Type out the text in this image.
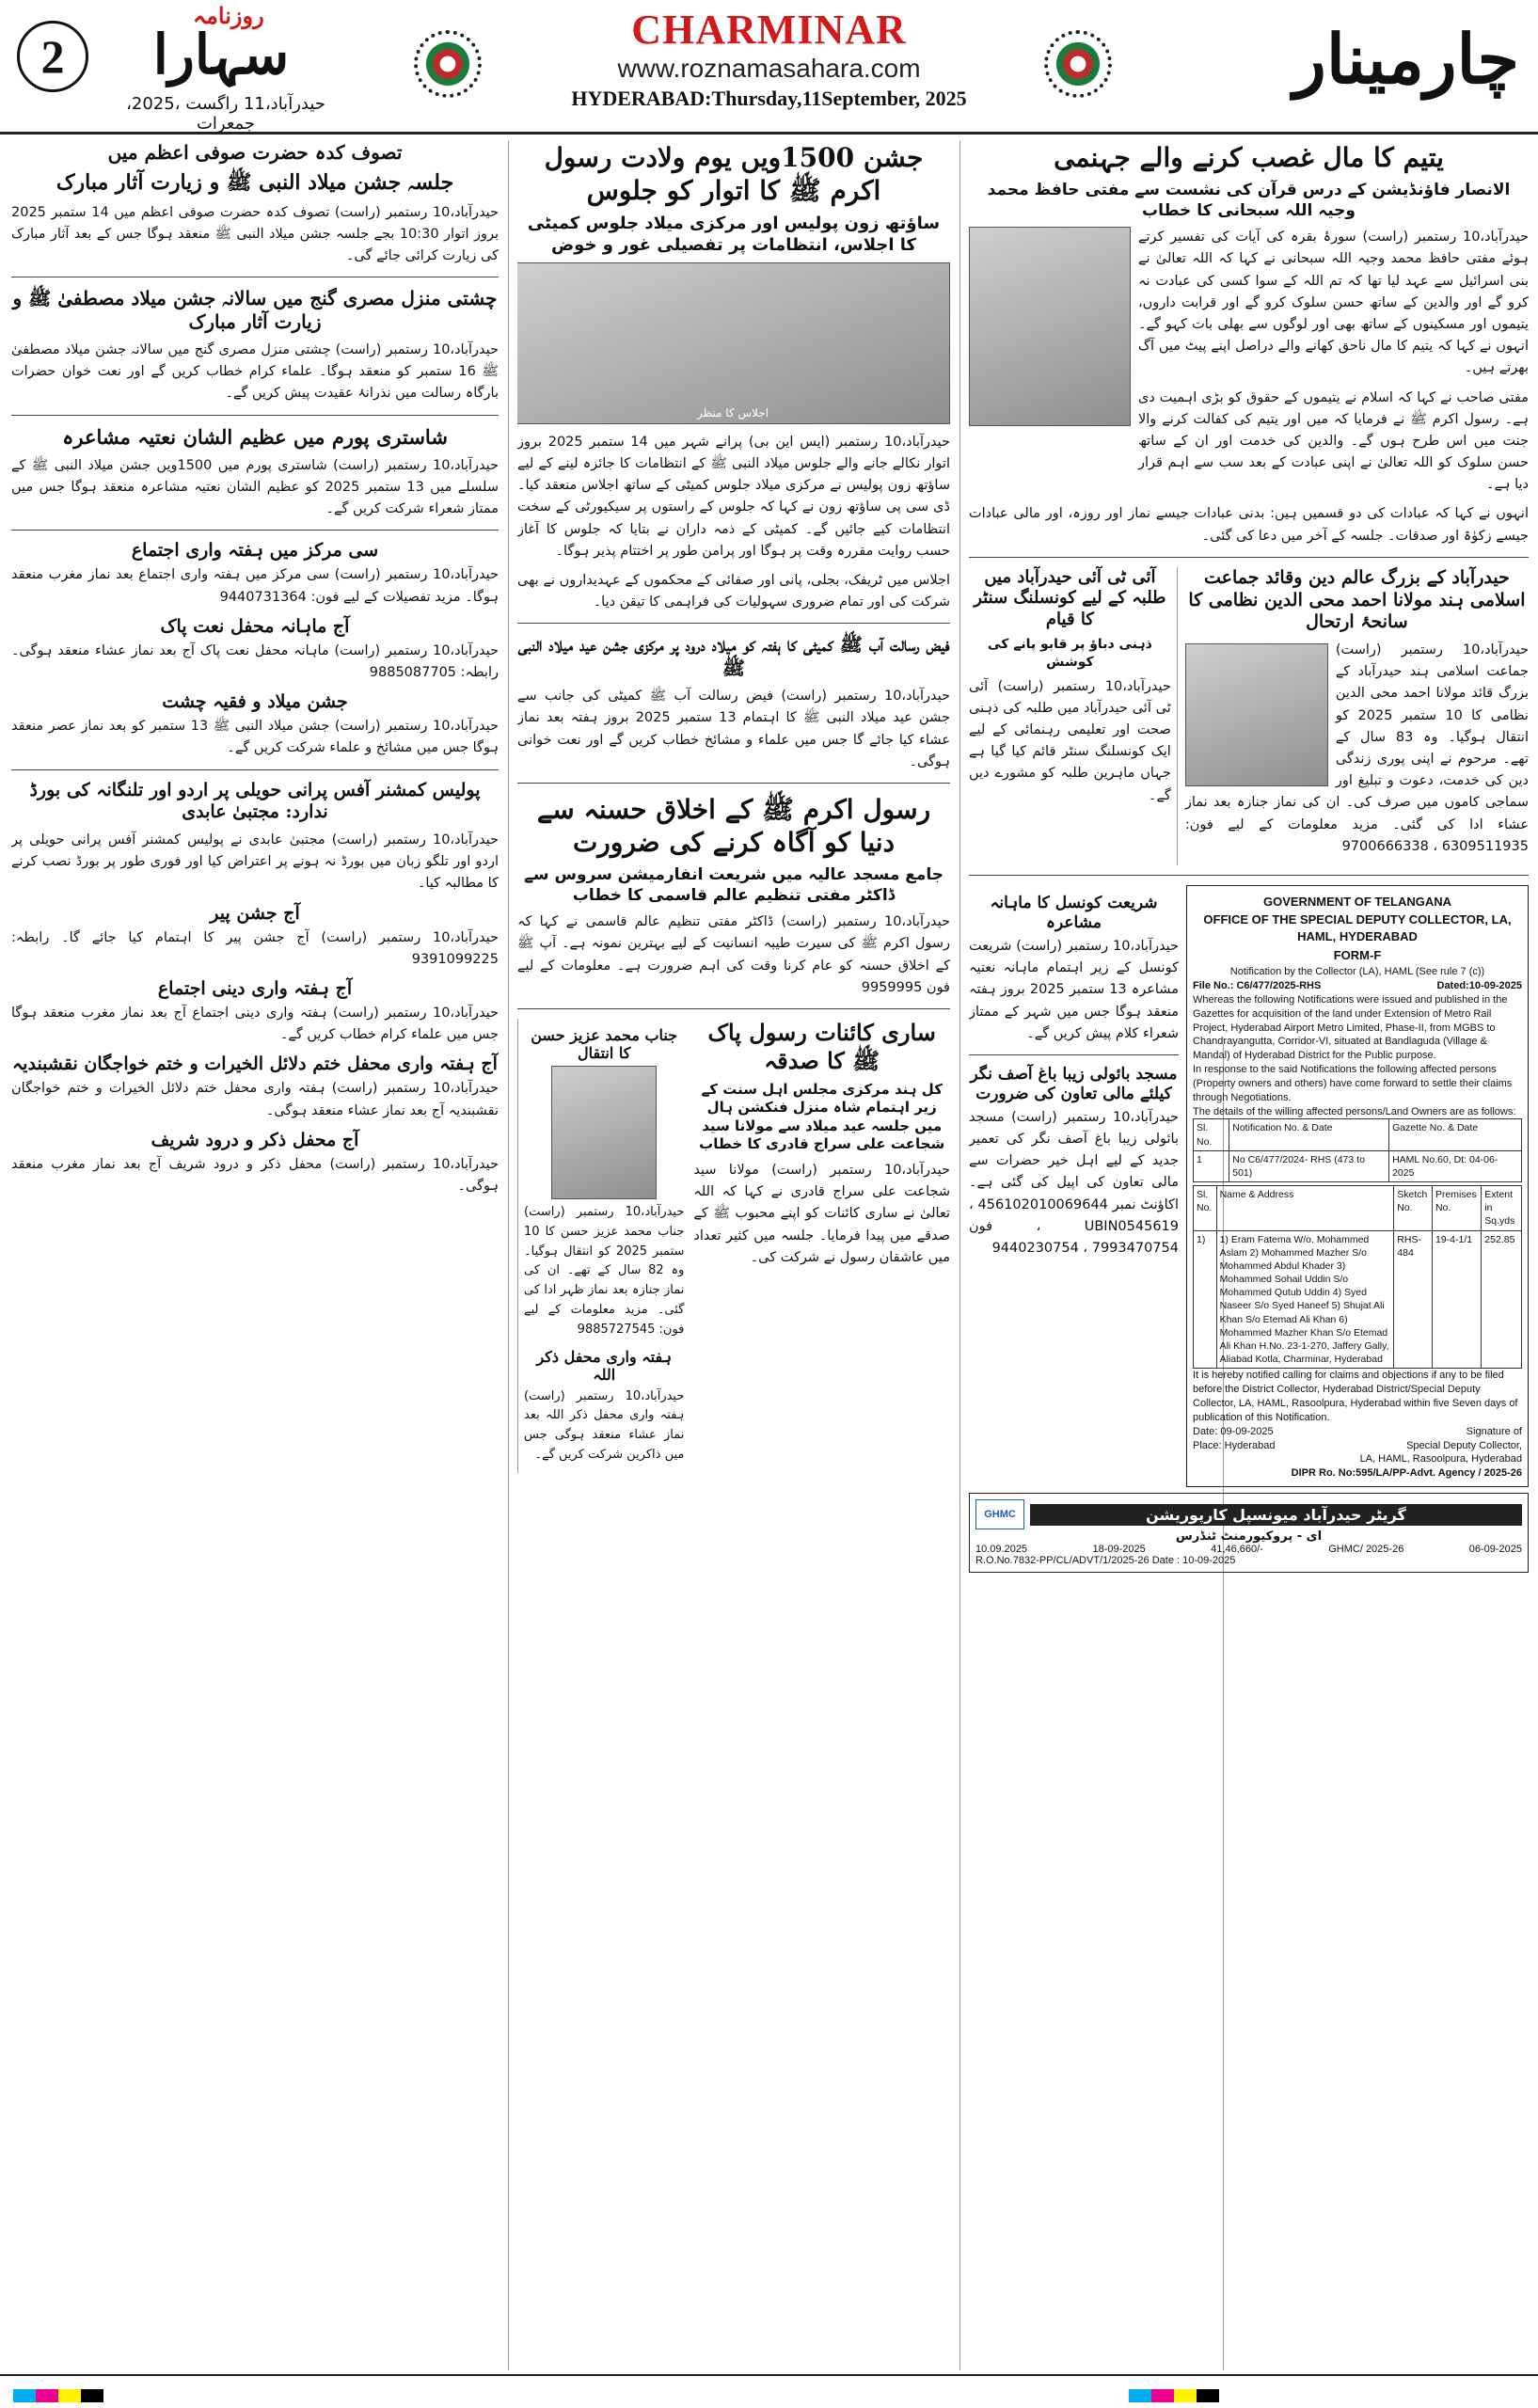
2
روزنامہ
سہارا
حیدرآباد،11 راگست ،2025، جمعرات
CHARMINAR
www.roznamasahara.com
HYDERABAD:Thursday,11September, 2025	چارمینار
تصوف کدہ حضرت صوفی اعظم میں
جلسہ جشن میلاد النبی ﷺ و زیارت آثار مبارک

حیدرآباد،10 رستمبر (راست) تصوف کدہ حضرت صوفی اعظم میں 14 ستمبر 2025 بروز اتوار 10:30 بجے جلسہ جشن میلاد النبی ﷺ منعقد ہوگا جس کے بعد آثار مبارک کی زیارت کرائی جائے گی۔

چشتی منزل مصری گنج میں سالانہ جشن میلاد مصطفیٰ ﷺ و زیارت آثار مبارک

حیدرآباد،10 رستمبر (راست) چشتی منزل مصری گنج میں سالانہ جشن میلاد مصطفیٰ ﷺ 16 ستمبر کو منعقد ہوگا۔ علماء کرام خطاب کریں گے اور نعت خوان حضرات بارگاہ رسالت میں نذرانۂ عقیدت پیش کریں گے۔

شاستری پورم میں عظیم الشان نعتیہ مشاعرہ

حیدرآباد،10 رستمبر (راست) شاستری پورم میں 1500ویں جشن میلاد النبی ﷺ کے سلسلے میں 13 ستمبر 2025 کو عظیم الشان نعتیہ مشاعرہ منعقد ہوگا جس میں ممتاز شعراء شرکت کریں گے۔

سی مرکز میں ہفتہ واری اجتماع

حیدرآباد،10 رستمبر (راست) سی مرکز میں ہفتہ واری اجتماع بعد نماز مغرب منعقد ہوگا۔ مزید تفصیلات کے لیے فون: 9440731364

آج ماہانہ محفل نعت پاک

حیدرآباد،10 رستمبر (راست) ماہانہ محفل نعت پاک آج بعد نماز عشاء منعقد ہوگی۔ رابطہ: 9885087705

جشن میلاد و فقیہ چشت

حیدرآباد،10 رستمبر (راست) جشن میلاد النبی ﷺ 13 ستمبر کو بعد نماز عصر منعقد ہوگا جس میں مشائخ و علماء شرکت کریں گے۔

پولیس کمشنر آفس پرانی حویلی پر اردو اور تلنگانہ کی بورڈ ندارد: مجتبیٰ عابدی

حیدرآباد،10 رستمبر (راست) مجتبیٰ عابدی نے پولیس کمشنر آفس پرانی حویلی پر اردو اور تلگو زبان میں بورڈ نہ ہونے پر اعتراض کیا اور فوری طور پر بورڈ نصب کرنے کا مطالبہ کیا۔

آج جشن پیر

حیدرآباد،10 رستمبر (راست) آج جشن پیر کا اہتمام کیا جائے گا۔ رابطہ: 9391099225

آج ہفتہ واری دینی اجتماع

حیدرآباد،10 رستمبر (راست) ہفتہ واری دینی اجتماع آج بعد نماز مغرب منعقد ہوگا جس میں علماء کرام خطاب کریں گے۔

آج ہفتہ واری محفل ختم دلائل الخیرات و ختم خواجگان نقشبندیہ

حیدرآباد،10 رستمبر (راست) ہفتہ واری محفل ختم دلائل الخیرات و ختم خواجگان نقشبندیہ آج بعد نماز عشاء منعقد ہوگی۔

آج محفل ذکر و درود شریف

حیدرآباد،10 رستمبر (راست) محفل ذکر و درود شریف آج بعد نماز مغرب منعقد ہوگی۔

جشن 1500ویں یوم ولادت رسول اکرم ﷺ کا اتوار کو جلوس
ساؤتھ زون پولیس اور مرکزی میلاد جلوس کمیٹی کا اجلاس، انتظامات پر تفصیلی غور و خوض
اجلاس کا منظر

حیدرآباد،10 رستمبر (ایس این بی) پرانے شہر میں 14 ستمبر 2025 بروز اتوار نکالے جانے والے جلوس میلاد النبی ﷺ کے انتظامات کا جائزہ لینے کے لیے ساؤتھ زون پولیس نے مرکزی میلاد جلوس کمیٹی کے ساتھ اجلاس منعقد کیا۔ ڈی سی پی ساؤتھ زون نے کہا کہ جلوس کے راستوں پر سیکیورٹی کے سخت انتظامات کیے جائیں گے۔ کمیٹی کے ذمہ داران نے بتایا کہ جلوس کا آغاز حسب روایت مقررہ وقت پر ہوگا اور پرامن طور پر اختتام پذیر ہوگا۔

اجلاس میں ٹریفک، بجلی، پانی اور صفائی کے محکموں کے عہدیداروں نے بھی شرکت کی اور تمام ضروری سہولیات کی فراہمی کا تیقن دیا۔

فیض رسالت آب ﷺ کمیٹی کا ہفتہ کو میلاد درود پر مرکزی جشن عید میلاد النبی ﷺ

حیدرآباد،10 رستمبر (راست) فیض رسالت آب ﷺ کمیٹی کی جانب سے جشن عید میلاد النبی ﷺ کا اہتمام 13 ستمبر 2025 بروز ہفتہ بعد نماز عشاء کیا جائے گا جس میں علماء و مشائخ خطاب کریں گے اور نعت خوانی ہوگی۔

رسول اکرم ﷺ کے اخلاق حسنہ سے دنیا کو آگاہ کرنے کی ضرورت
جامع مسجد عالیہ میں شریعت انفارمیشن سروس سے ڈاکٹر مفتی تنظیم عالم قاسمی کا خطاب

حیدرآباد،10 رستمبر (راست) ڈاکٹر مفتی تنظیم عالم قاسمی نے کہا کہ رسول اکرم ﷺ کی سیرت طیبہ انسانیت کے لیے بہترین نمونہ ہے۔ آپ ﷺ کے اخلاق حسنہ کو عام کرنا وقت کی اہم ضرورت ہے۔ معلومات کے لیے فون 9959995

ساری کائنات رسول پاک ﷺ کا صدقہ
کل ہند مرکزی مجلس اہل سنت کے زیر اہتمام شاہ منزل فنکشن ہال میں جلسہ عید میلاد سے مولانا سید شجاعت علی سراج قادری کا خطاب

حیدرآباد،10 رستمبر (راست) مولانا سید شجاعت علی سراج قادری نے کہا کہ اللہ تعالیٰ نے ساری کائنات کو اپنے محبوب ﷺ کے صدقے میں پیدا فرمایا۔ جلسہ میں کثیر تعداد میں عاشقان رسول نے شرکت کی۔

جناب محمد عزیز حسن کا انتقال

حیدرآباد،10 رستمبر (راست) جناب محمد عزیز حسن کا 10 ستمبر 2025 کو انتقال ہوگیا۔ وہ 82 سال کے تھے۔ ان کی نماز جنازہ بعد نماز ظہر ادا کی گئی۔ مزید معلومات کے لیے فون: 9885727545

ہفتہ واری محفل ذکر اللہ

حیدرآباد،10 رستمبر (راست) ہفتہ واری محفل ذکر اللہ بعد نماز عشاء منعقد ہوگی جس میں ذاکرین شرکت کریں گے۔

یتیم کا مال غصب کرنے والے جہنمی
الانصار فاؤنڈیشن کے درس قرآن کی نشست سے مفتی حافظ محمد وجیہ اللہ سبحانی کا خطاب

حیدرآباد،10 رستمبر (راست) سورۂ بقرہ کی آیات کی تفسیر کرتے ہوئے مفتی حافظ محمد وجیہ اللہ سبحانی نے کہا کہ اللہ تعالیٰ نے بنی اسرائیل سے عہد لیا تھا کہ تم اللہ کے سوا کسی کی عبادت نہ کرو گے اور والدین کے ساتھ حسن سلوک کرو گے اور قرابت داروں، یتیموں اور مسکینوں کے ساتھ بھی اور لوگوں سے بھلی بات کہو گے۔ انہوں نے کہا کہ یتیم کا مال ناحق کھانے والے دراصل اپنے پیٹ میں آگ بھرتے ہیں۔

مفتی صاحب نے کہا کہ اسلام نے یتیموں کے حقوق کو بڑی اہمیت دی ہے۔ رسول اکرم ﷺ نے فرمایا کہ میں اور یتیم کی کفالت کرنے والا جنت میں اس طرح ہوں گے۔ والدین کی خدمت اور ان کے ساتھ حسن سلوک کو اللہ تعالیٰ نے اپنی عبادت کے بعد سب سے اہم قرار دیا ہے۔

انہوں نے کہا کہ عبادات کی دو قسمیں ہیں: بدنی عبادات جیسے نماز اور روزہ، اور مالی عبادات جیسے زکوٰۃ اور صدقات۔ جلسہ کے آخر میں دعا کی گئی۔

حیدرآباد کے بزرگ عالم دین وقائد جماعت اسلامی ہند مولانا احمد محی الدین نظامی کا سانحۂ ارتحال

حیدرآباد،10 رستمبر (راست) جماعت اسلامی ہند حیدرآباد کے بزرگ قائد مولانا احمد محی الدین نظامی کا 10 ستمبر 2025 کو انتقال ہوگیا۔ وہ 83 سال کے تھے۔ مرحوم نے اپنی پوری زندگی دین کی خدمت، دعوت و تبلیغ اور سماجی کاموں میں صرف کی۔ ان کی نماز جنازہ بعد نماز عشاء ادا کی گئی۔ مزید معلومات کے لیے فون: 6309511935 ، 9700666338

آئی ٹی آئی حیدرآباد میں طلبہ کے لیے کونسلنگ سنٹر کا قیام
ذہنی دباؤ پر قابو پانے کی کوشش

حیدرآباد،10 رستمبر (راست) آئی ٹی آئی حیدرآباد میں طلبہ کی ذہنی صحت اور تعلیمی رہنمائی کے لیے ایک کونسلنگ سنٹر قائم کیا گیا ہے جہاں ماہرین طلبہ کو مشورے دیں گے۔

GOVERNMENT OF TELANGANA
OFFICE OF THE SPECIAL DEPUTY COLLECTOR, LA, HAML, HYDERABAD
FORM-F
Notification by the Collector (LA), HAML (See rule 7 (c))
File No.: C6/477/2025-RHS	Dated:10-09-2025
Whereas the following Notifications were issued and published in the Gazettes for acquisition of the land under Extension of Metro Rail Project, Hyderabad Airport Metro Limited, Phase-II, from MGBS to Chandrayangutta, Corridor-VI, situated at Bandlaguda (Village & Mandal) of Hyderabad District for the Public purpose.
In response to the said Notifications the following affected persons (Property owners and others) have come forward to settle their claims through Negotiations.
The details of the willing affected persons/Land Owners are as follows:
Sl. No.	Notification No. & Date	Gazette No. & Date
1	No C6/477/2024- RHS (473 to 501)	HAML No.60, Dt: 04-06-2025
Sl. No.	Name & Address	Sketch No.	Premises No.	Extent in Sq.yds
1)	1) Eram Fatema W/o. Mohammed Aslam 2) Mohammed Mazher S/o Mohammed Abdul Khader 3) Mohammed Sohail Uddin S/o Mohammed Qutub Uddin 4) Syed Naseer S/o Syed Haneef 5) Shujat Ali Khan S/o Etemad Ali Khan 6) Mohammed Mazher Khan S/o Etemad Ali Khan H.No. 23-1-270, Jaffery Gally, Aliabad Kotla, Charminar, Hyderabad	RHS-484	19-4-1/1	252.85
It is hereby notified calling for claims and objections if any to be filed before the District Collector, Hyderabad District/Special Deputy Collector, LA, HAML, Rasoolpura, Hyderabad within five Seven days of publication of this Notification.
Date: 09-09-2025
Place: Hyderabad
Signature of
Special Deputy Collector,
LA, HAML, Rasoolpura, Hyderabad
DIPR Ro. No:595/LA/PP-Advt. Agency / 2025-26
شریعت کونسل کا ماہانہ مشاعرہ

حیدرآباد،10 رستمبر (راست) شریعت کونسل کے زیر اہتمام ماہانہ نعتیہ مشاعرہ 13 ستمبر 2025 بروز ہفتہ منعقد ہوگا جس میں شہر کے ممتاز شعراء کلام پیش کریں گے۔

مسجد بائولی زیبا باغ آصف نگر کیلئے مالی تعاون کی ضرورت

حیدرآباد،10 رستمبر (راست) مسجد بائولی زیبا باغ آصف نگر کی تعمیر جدید کے لیے اہل خیر حضرات سے مالی تعاون کی اپیل کی گئی ہے۔ اکاؤنٹ نمبر 456102010069644 ، UBIN0545619 ، فون 7993470754 ، 9440230754

گریٹر حیدرآباد میونسپل کارپوریشن
GHMC
ای - پروکیورمنٹ ٹنڈرس
10.09.2025	18-09-2025	41,46,660/-	GHMC/ 2025-26	06-09-2025
R.O.No.7832-PP/CL/ADVT/1/2025-26 Date : 10-09-2025
